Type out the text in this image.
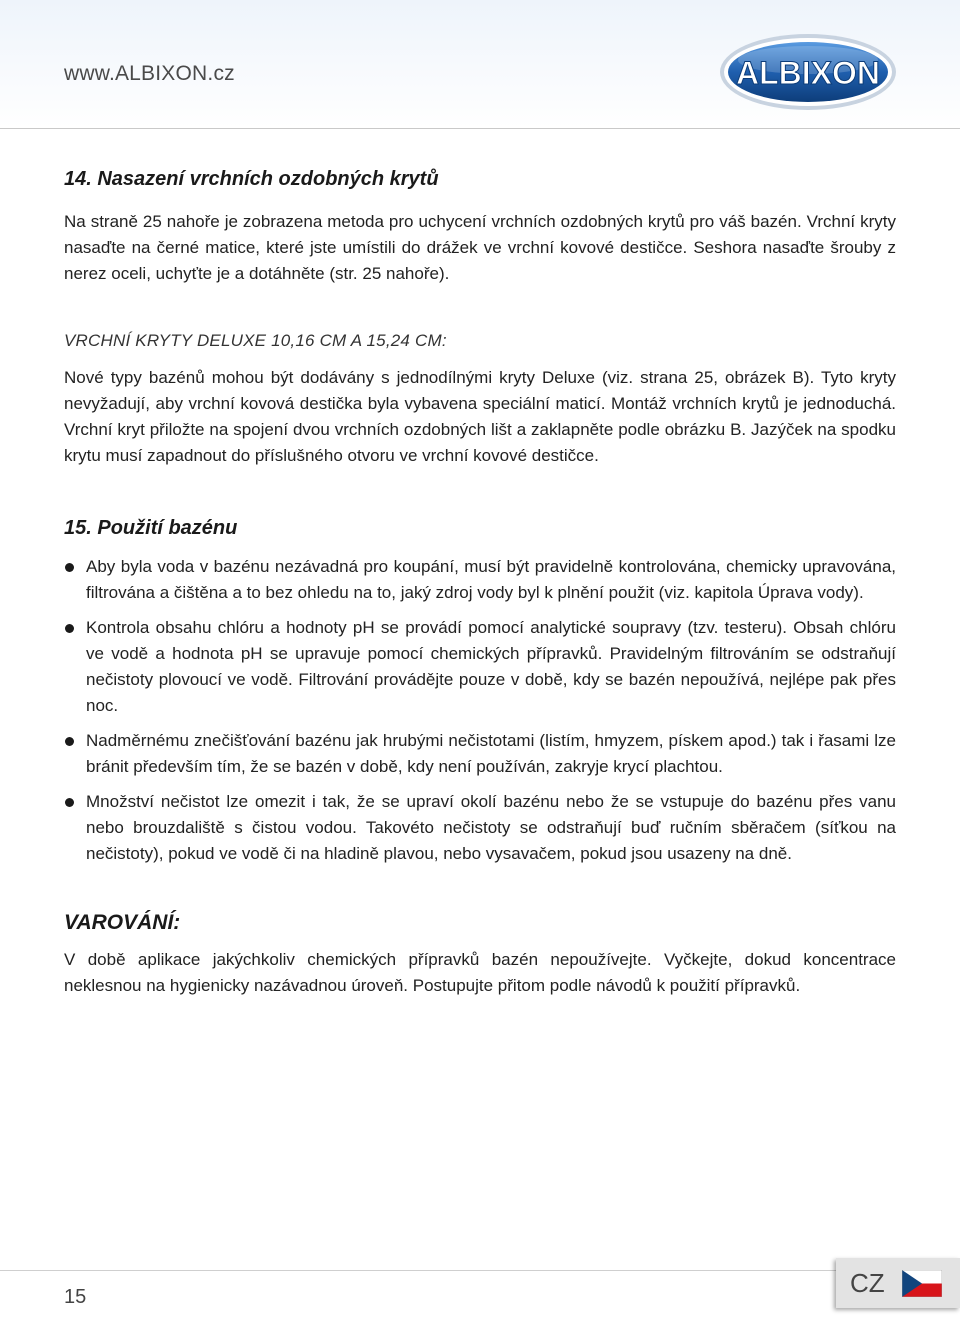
www.ALBIXON.cz	ALBIXON
14. Nasazení vrchních ozdobných krytů

Na straně 25 nahoře je zobrazena metoda pro uchycení vrchních ozdobných krytů pro váš bazén. Vrchní kryty nasaďte na černé matice, které jste umístili do drážek ve vrchní kovové destičce. Seshora nasaďte šrouby z nerez oceli, uchyťte je a dotáhněte (str. 25 nahoře).

VRCHNÍ KRYTY DELUXE 10,16 CM A 15,24 CM:

Nové typy bazénů mohou být dodávány s jednodílnými kryty Deluxe (viz. strana 25, obrázek B). Tyto kryty nevyžadují, aby vrchní kovová destička byla vybavena speciální maticí. Montáž vrchních krytů je jednoduchá. Vrchní kryt přiložte na spojení dvou vrchních ozdobných lišt a zaklapněte podle obrázku B. Jazýček na spodku krytu musí zapadnout do příslušného otvoru ve vrchní kovové destičce.

15. Použití bazénu
Aby byla voda v bazénu nezávadná pro koupání, musí být pravidelně kontrolována, chemicky upravována, filtrována a čištěna a to bez ohledu na to, jaký zdroj vody byl k plnění použit (viz. kapitola Úprava vody).
Kontrola obsahu chlóru a hodnoty pH se provádí pomocí analytické soupravy (tzv. testeru). Obsah chlóru ve vodě a hodnota pH se upravuje pomocí chemických přípravků. Pravidelným filtrováním se odstraňují nečistoty plovoucí ve vodě. Filtrování provádějte pouze v době, kdy se bazén nepoužívá, nejlépe pak přes noc.
Nadměrnému znečišťování bazénu jak hrubými nečistotami (listím, hmyzem, pískem apod.) tak i řasami lze bránit především tím, že se bazén v době, kdy není používán, zakryje krycí plachtou.
Množství nečistot lze omezit i tak, že se upraví okolí bazénu nebo že se vstupuje do bazénu přes vanu nebo brouzdaliště s čistou vodou. Takovéto nečistoty se odstraňují buď ručním sběračem (síťkou na nečistoty), pokud ve vodě či na hladině plavou, nebo vysavačem, pokud jsou usazeny na dně.
VAROVÁNÍ:

V době aplikace jakýchkoliv chemických přípravků bazén nepoužívejte. Vyčkejte, dokud koncentrace neklesnou na hygienicky nazávadnou úroveň. Postupujte přitom podle návodů k použití přípravků.

15	CZ
